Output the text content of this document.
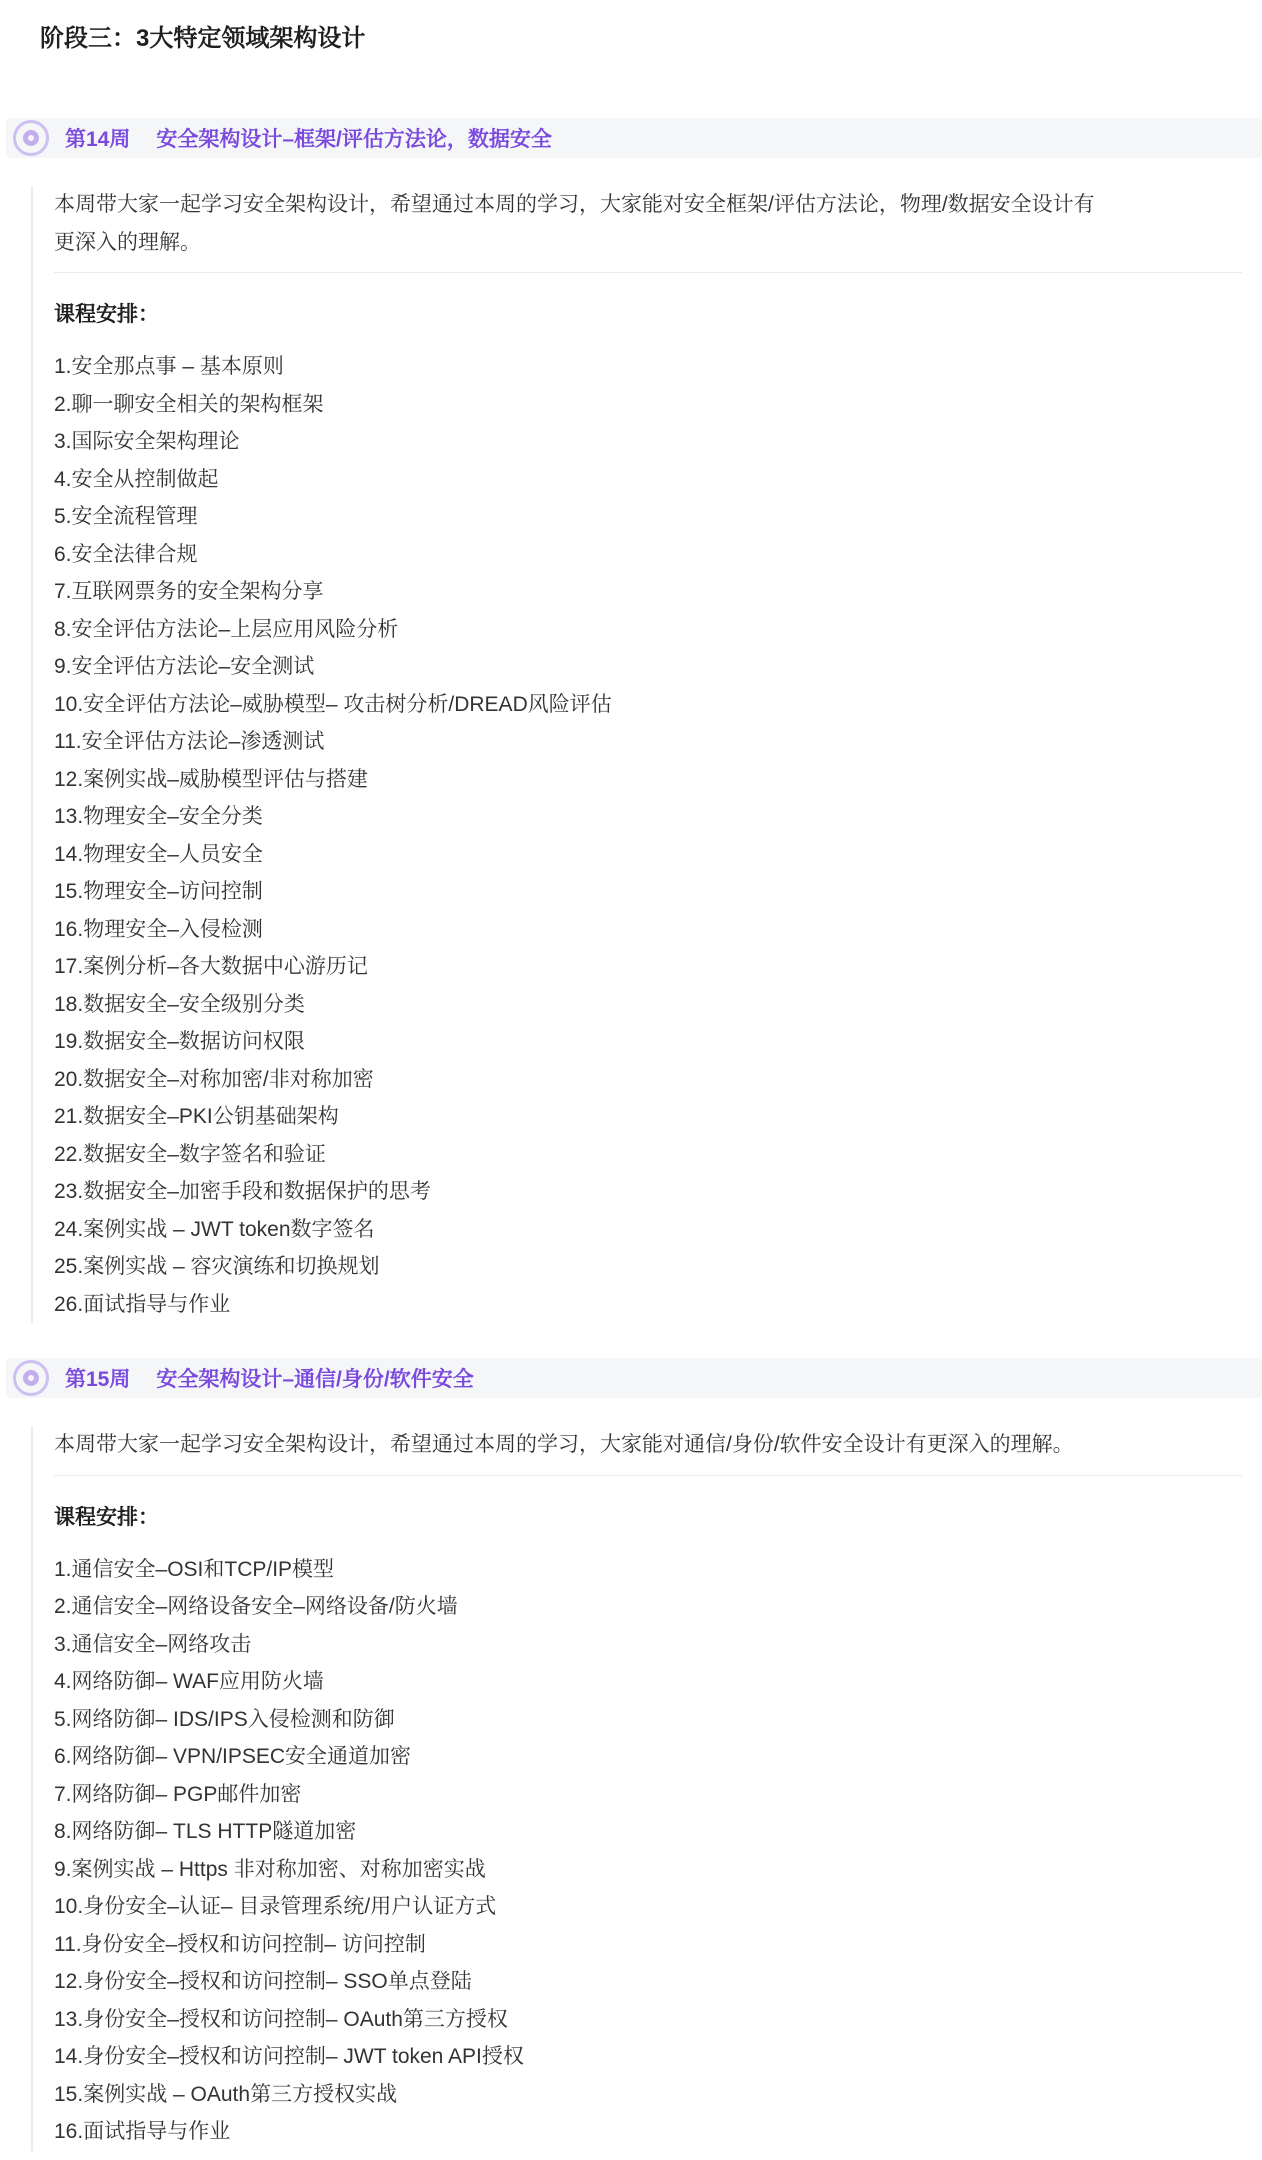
阶段三：3大特定领域架构设计
第14周 安全架构设计–框架/评估方法论，数据安全

本周带大家一起学习安全架构设计，希望通过本周的学习，大家能对安全框架/评估方法论，物理/数据安全设计有更深入的理解。

课程安排：
1.安全那点事 – 基本原则
2.聊一聊安全相关的架构框架
3.国际安全架构理论
4.安全从控制做起
5.安全流程管理
6.安全法律合规
7.互联网票务的安全架构分享
8.安全评估方法论–上层应用风险分析
9.安全评估方法论–安全测试
10.安全评估方法论–威胁模型– 攻击树分析/DREAD风险评估
11.安全评估方法论–渗透测试
12.案例实战–威胁模型评估与搭建
13.物理安全–安全分类
14.物理安全–人员安全
15.物理安全–访问控制
16.物理安全–入侵检测
17.案例分析–各大数据中心游历记
18.数据安全–安全级别分类
19.数据安全–数据访问权限
20.数据安全–对称加密/非对称加密
21.数据安全–PKI公钥基础架构
22.数据安全–数字签名和验证
23.数据安全–加密手段和数据保护的思考
24.案例实战 – JWT token数字签名
25.案例实战 – 容灾演练和切换规划
26.面试指导与作业
第15周 安全架构设计–通信/身份/软件安全

本周带大家一起学习安全架构设计，希望通过本周的学习，大家能对通信/身份/软件安全设计有更深入的理解。

课程安排：
1.通信安全–OSI和TCP/IP模型
2.通信安全–网络设备安全–网络设备/防火墙
3.通信安全–网络攻击
4.网络防御– WAF应用防火墙
5.网络防御– IDS/IPS入侵检测和防御
6.网络防御– VPN/IPSEC安全通道加密
7.网络防御– PGP邮件加密
8.网络防御– TLS HTTP隧道加密
9.案例实战 – Https 非对称加密、对称加密实战
10.身份安全–认证– 目录管理系统/用户认证方式
11.身份安全–授权和访问控制– 访问控制
12.身份安全–授权和访问控制– SSO单点登陆
13.身份安全–授权和访问控制– OAuth第三方授权
14.身份安全–授权和访问控制– JWT token API授权
15.案例实战 – OAuth第三方授权实战
16.面试指导与作业
